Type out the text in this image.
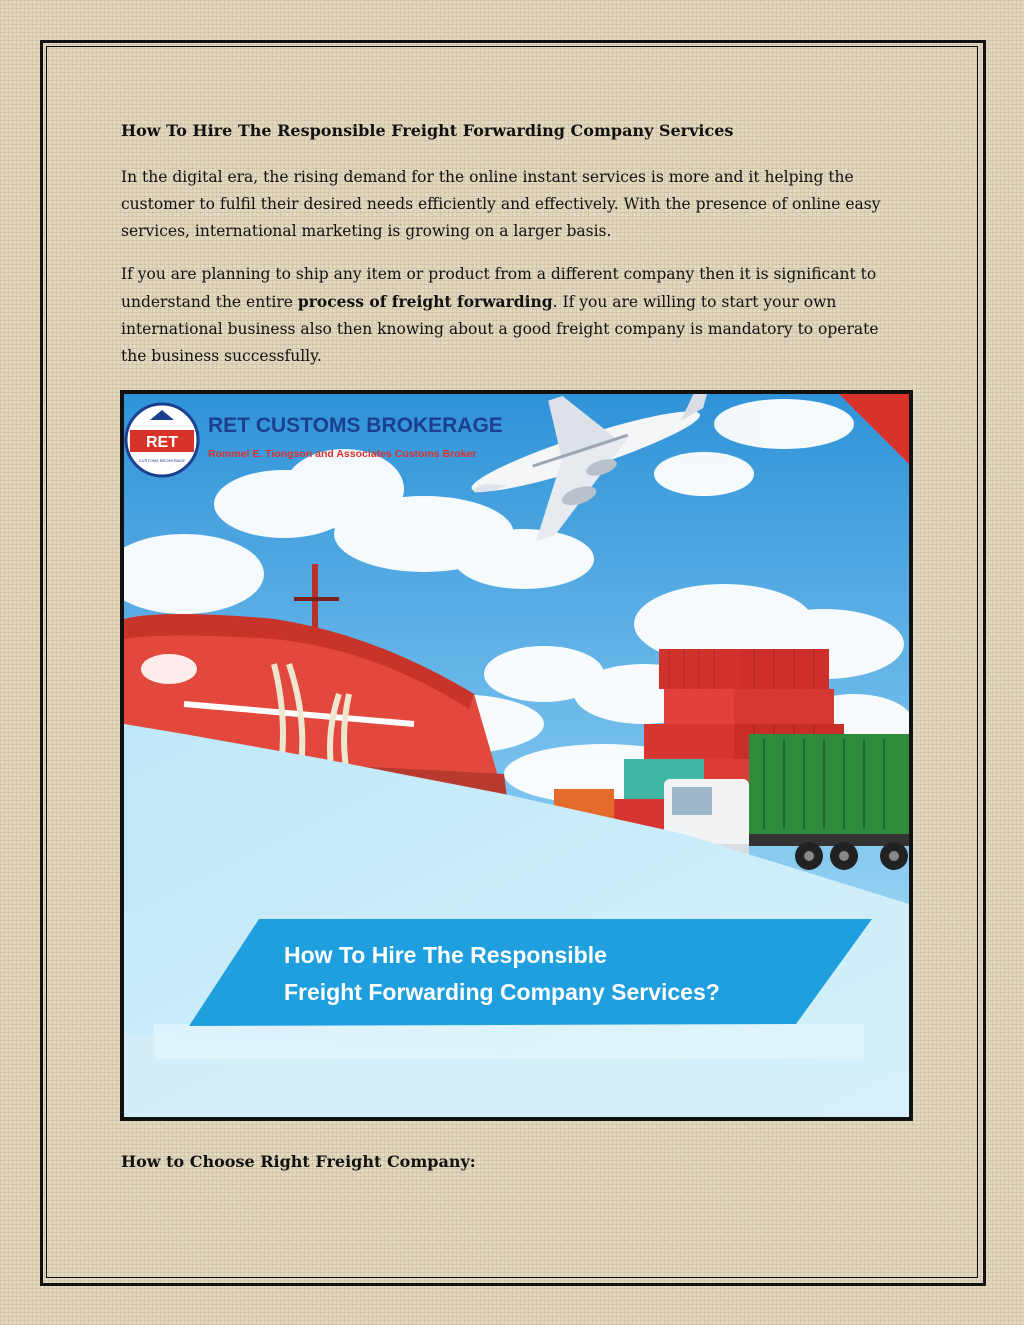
How To Hire The Responsible Freight Forwarding Company Services

In the digital era, the rising demand for the online instant services is more and it helping the customer to fulfil their desired needs efficiently and effectively. With the presence of online easy services, international marketing is growing on a larger basis.

If you are planning to ship any item or product from a different company then it is significant to understand the entire process of freight forwarding. If you are willing to start your own international business also then knowing about a good freight company is mandatory to operate the business successfully.

RET
CUSTOMS BROKERAGE
RET CUSTOMS BROKERAGE
Rommel E. Tiongson and Associates Customs Broker
How To Hire The Responsible
Freight Forwarding Company Services?
How to Choose Right Freight Company:
